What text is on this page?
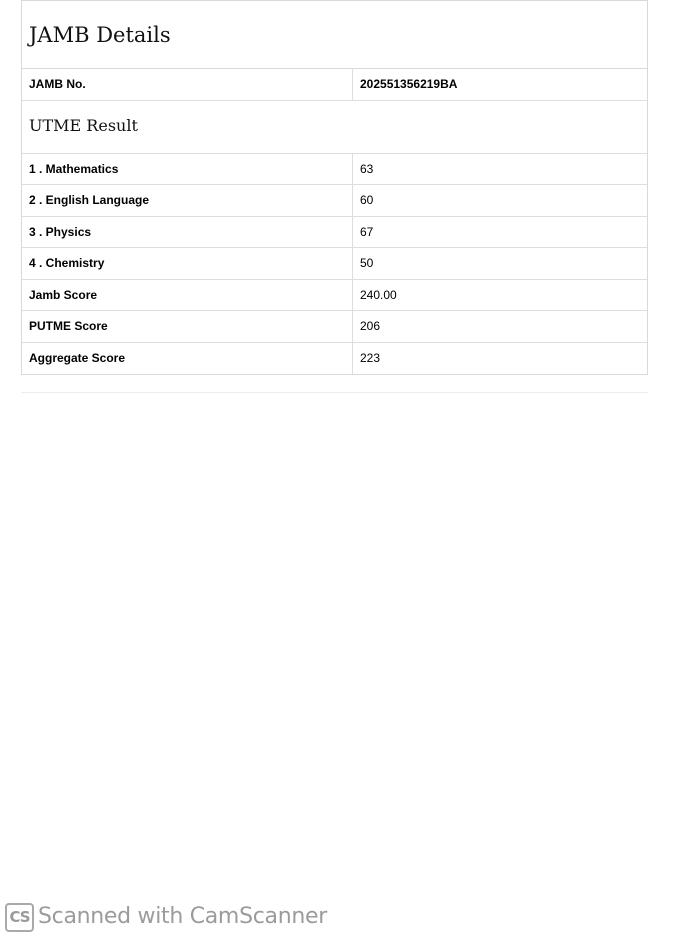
JAMB Details
JAMB No.	202551356219BA
UTME Result
1 . Mathematics	63
2 . English Language	60
3 . Physics	67
4 . Chemistry	50
Jamb Score	240.00
PUTME Score	206
Aggregate Score	223
CS Scanned with CamScanner
